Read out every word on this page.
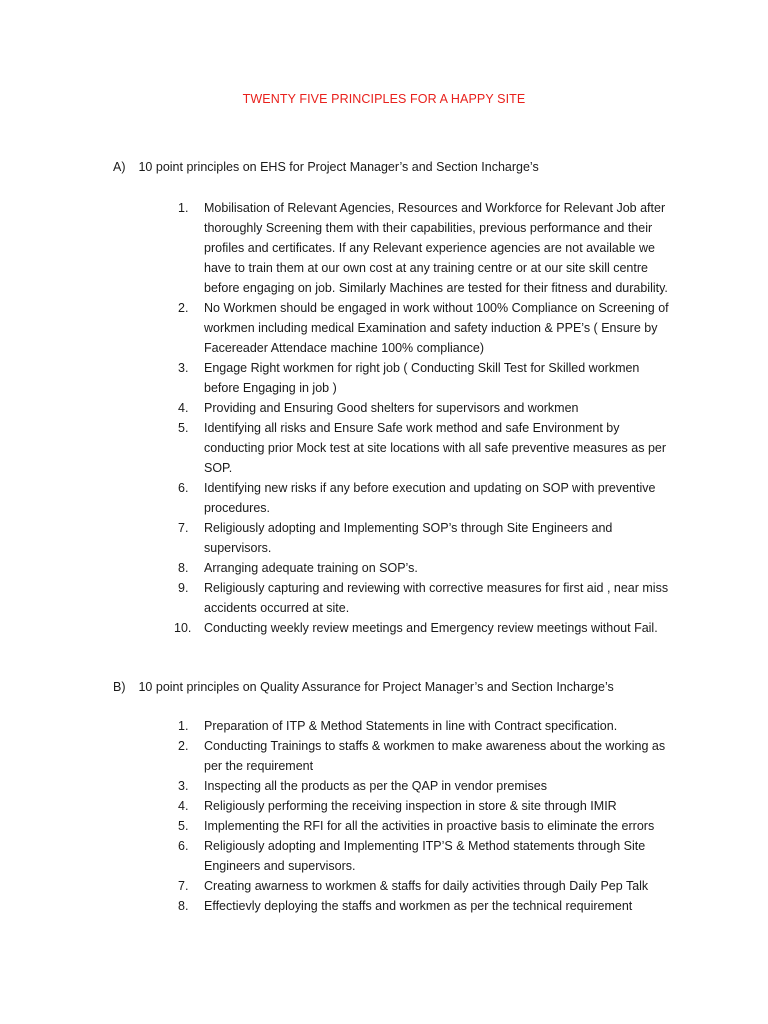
TWENTY FIVE PRINCIPLES FOR A HAPPY SITE
A) 10 point principles on EHS for Project Manager’s and Section Incharge’s
1. Mobilisation of Relevant Agencies, Resources and Workforce for Relevant Job after thoroughly Screening them with their capabilities, previous performance and their profiles and certificates. If any Relevant experience agencies are not available we have to train them at our own cost at any training centre or at our site skill centre before engaging on job. Similarly Machines are tested for their fitness and durability.
2. No Workmen should be engaged in work without 100% Compliance on Screening of workmen including medical Examination and safety induction & PPE’s ( Ensure by Facereader Attendace machine 100% compliance)
3. Engage Right workmen for right job ( Conducting Skill Test for Skilled workmen before Engaging in job )
4. Providing and Ensuring Good shelters for supervisors and workmen
5. Identifying all risks and Ensure Safe work method and safe Environment by conducting prior Mock test at site locations with all safe preventive measures as per SOP.
6. Identifying new risks if any before execution and updating on SOP with preventive procedures.
7. Religiously adopting and Implementing SOP’s through Site Engineers and supervisors.
8. Arranging adequate training on SOP’s.
9. Religiously capturing and reviewing with corrective measures for first aid , near miss accidents occurred at site.
10. Conducting weekly review meetings and Emergency review meetings without Fail.
B) 10 point principles on Quality Assurance for Project Manager’s and Section Incharge’s
1. Preparation of ITP & Method Statements in line with Contract specification.
2. Conducting Trainings to staffs & workmen to make awareness about the working as per the requirement
3. Inspecting all the products as per the QAP in vendor premises
4. Religiously performing the receiving inspection in store & site through IMIR
5. Implementing the RFI for all the activities in proactive basis to eliminate the errors
6. Religiously adopting and Implementing ITP’S & Method statements through Site Engineers and supervisors.
7. Creating awarness to workmen & staffs for daily activities through Daily Pep Talk
8. Effectievly deploying the staffs and workmen as per the technical requirement
